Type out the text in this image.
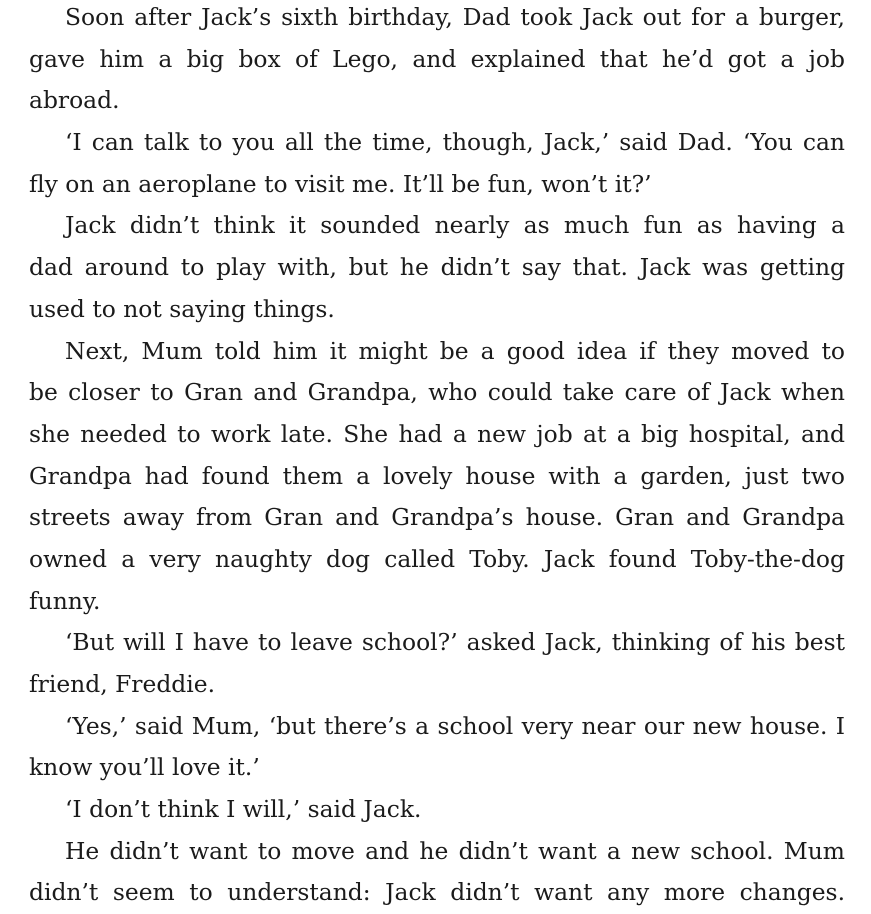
Soon after Jack’s sixth birthday, Dad took Jack out for a burger,
gave him a big box of Lego, and explained that he’d got a job
abroad.
‘I can talk to you all the time, though, Jack,’ said Dad. ‘You can
fly on an aeroplane to visit me. It’ll be fun, won’t it?’
Jack didn’t think it sounded nearly as much fun as having a
dad around to play with, but he didn’t say that. Jack was getting
used to not saying things.
Next, Mum told him it might be a good idea if they moved to
be closer to Gran and Grandpa, who could take care of Jack when
she needed to work late. She had a new job at a big hospital, and
Grandpa had found them a lovely house with a garden, just two
streets away from Gran and Grandpa’s house. Gran and Grandpa
owned a very naughty dog called Toby. Jack found Toby-the-dog
funny.
‘But will I have to leave school?’ asked Jack, thinking of his best
friend, Freddie.
‘Yes,’ said Mum, ‘but there’s a school very near our new house. I
know you’ll love it.’
‘I don’t think I will,’ said Jack.
He didn’t want to move and he didn’t want a new school. Mum
didn’t seem to understand: Jack didn’t want any more changes.
